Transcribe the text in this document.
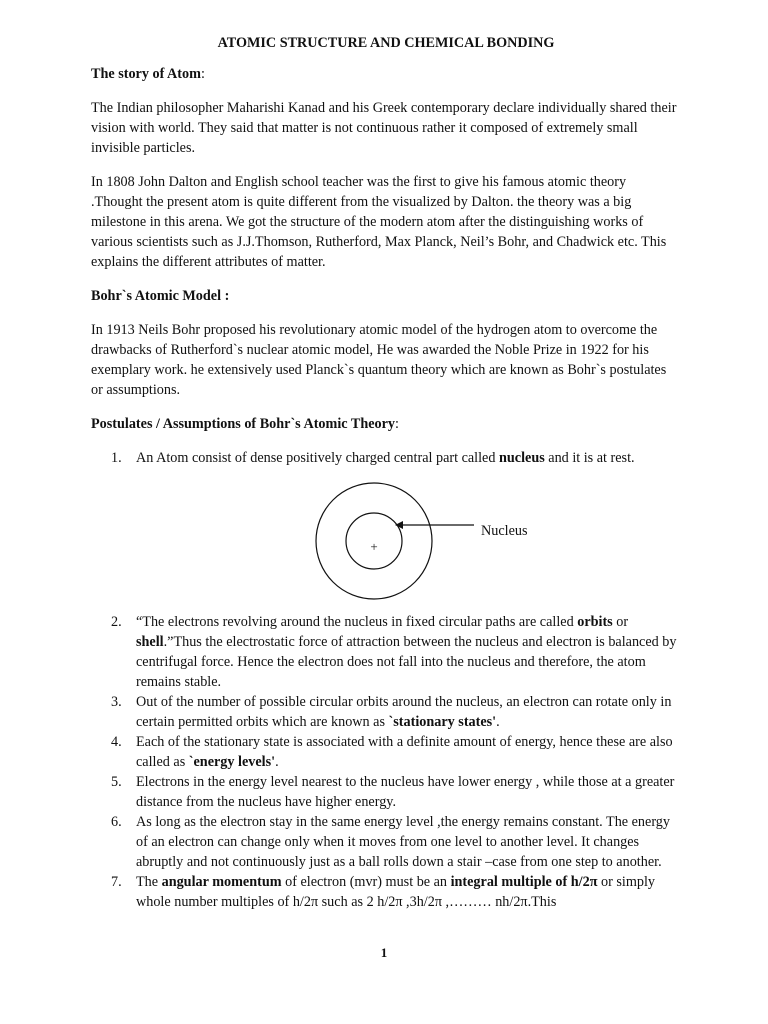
ATOMIC STRUCTURE AND CHEMICAL BONDING

The story of Atom:

The Indian philosopher Maharishi Kanad and his Greek contemporary declare individually shared their vision with world. They said that matter is not continuous rather it composed of extremely small invisible particles.

In 1808 John Dalton and English school teacher was the first to give his famous atomic theory .Thought the present atom is quite different from the visualized by Dalton. the theory was a big milestone in this arena. We got the structure of the modern atom after the distinguishing works of various scientists such as J.J.Thomson, Rutherford, Max Planck, Neil’s Bohr, and Chadwick etc. This explains the different attributes of matter.

Bohr`s Atomic Model :

In 1913 Neils Bohr proposed his revolutionary atomic model of the hydrogen atom to overcome the drawbacks of Rutherford`s nuclear atomic model, He was awarded the Noble Prize in 1922 for his exemplary work. he extensively used Planck`s quantum theory which are known as Bohr`s postulates or assumptions.

Postulates / Assumptions of Bohr`s Atomic Theory:

1. An Atom consist of dense positively charged central part called nucleus and it is at rest.
+
Nucleus
2. “The electrons revolving around the nucleus in fixed circular paths are called orbits or shell.”Thus the electrostatic force of attraction between the nucleus and electron is balanced by centrifugal force. Hence the electron does not fall into the nucleus and therefore, the atom remains stable.
3. Out of the number of possible circular orbits around the nucleus, an electron can rotate only in certain permitted orbits which are known as `stationary states'.
4. Each of the stationary state is associated with a definite amount of energy, hence these are also called as `energy levels'.
5. Electrons in the energy level nearest to the nucleus have lower energy , while those at a greater distance from the nucleus have higher energy.
6. As long as the electron stay in the same energy level ,the energy remains constant. The energy of an electron can change only when it moves from one level to another level. It changes abruptly and not continuously just as a ball rolls down a stair –case from one step to another.
7. The angular momentum of electron (mvr) must be an integral multiple of h/2π or simply whole number multiples of h/2π such as 2 h/2π ,3h/2π ,……… nh/2π.This
1
